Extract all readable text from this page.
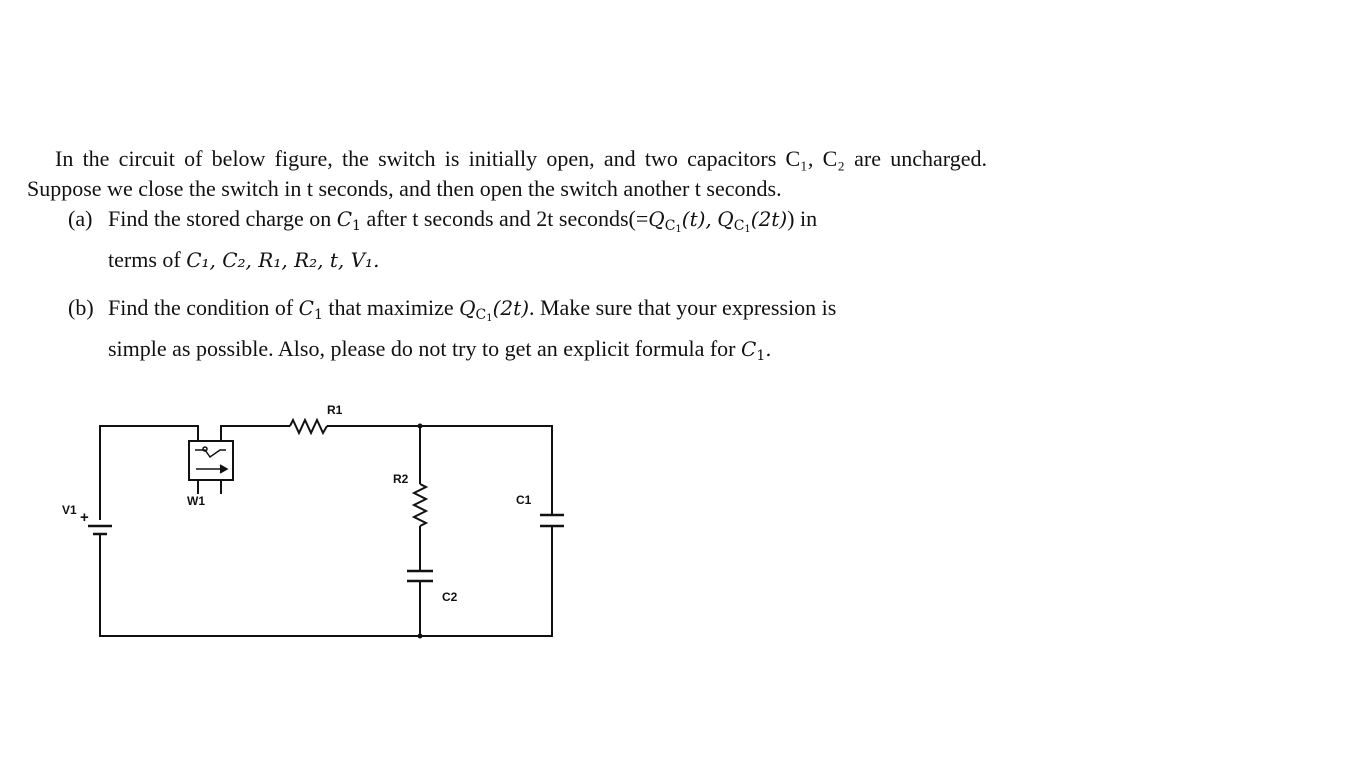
In the circuit of below figure, the switch is initially open, and two capacitors C₁, C₂ are uncharged. Suppose we close the switch in t seconds, and then open the switch another t seconds.

(a) Find the stored charge on $C_1$ after t seconds and 2t $seconds(=Q_{C1}(t)$, $Q_{C1}(2t)$) in
terms of C₁, C₂, R₁, R₂, t, V₁.

(b) Find the condition of $C_1$ that maximize $Q_{C1}(2t)$. Make sure that your expression is
simple as possible. Also, please do not try to get an explicit formula for $C_1$.

R1
R2
C1
C2
W1
V1 +
